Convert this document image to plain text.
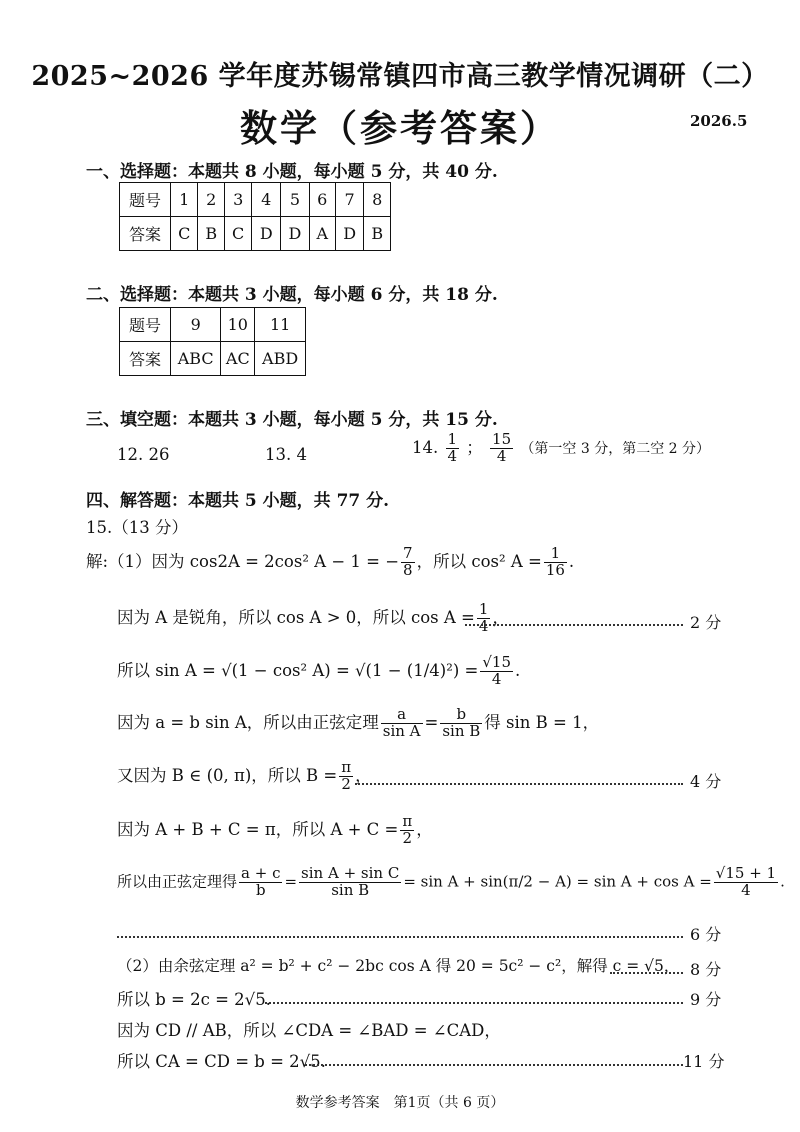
2025~2026 学年度苏锡常镇四市高三教学情况调研（二）
数学（参考答案）	2026.5
一、选择题：本题共 8 小题，每小题 5 分，共 40 分.
题号	1	2	3	4	5	6	7	8
答案	C	B	C	D	D	A	D	B
二、选择题：本题共 3 小题，每小题 6 分，共 18 分.
题号	9	10	11
答案	ABC	AC	ABD
三、填空题：本题共 3 小题，每小题 5 分，共 15 分.
12. 26	13. 4	14. $\frac{1}{4}$ ； $\frac{15}{4}$ （第一空 3 分，第二空 2 分）
四、解答题：本题共 5 小题，共 77 分.
15.（13 分）
解:（1）因为 cos2A = 2cos² A − 1 = − $\frac{7}{8}$ ，所以 cos² $A = \frac{1}{16}$ .
因为 A 是锐角，所以 cos A > 0，所以 $\cos A = \frac{1}{4}$ ，	2 分
所以 sin A = √(1 − cos² $A) = √(1 - (1/4)^2) = \frac{√15}{4}$ .
因为 a = b sin A，所以由正弦定理 $\frac{a}{\text{sin A}} = \frac{b}{\text{sin B}}$ 得 sin B = 1，
又因为 B ∈ (0, π)，所以 $B = \frac{\pi}{2}$ ，	4 分
因为 A + B + C = π，所以 $A + C = \frac{\pi}{2}$ ，
所以由正弦定理得 $\frac{a + c}{b} = \frac{\text{sin A + sin C}}{\text{sin B}} = \sin A + \sin(\pi/2 - A) = \sin A + \cos A = \frac{√15 + 1}{4}$ .
6 分
（2）由余弦定理 a² = b² + c² − 2bc cos A 得 20 = 5c² − c²，解得 c = √5， 8 分
所以 b = 2c = 2√5.	9 分
因为 CD // AB，所以 ∠CDA = ∠BAD = ∠CAD，
所以 CA = CD = b = 2√5.	11 分
数学参考答案　第1页（共 6 页）
